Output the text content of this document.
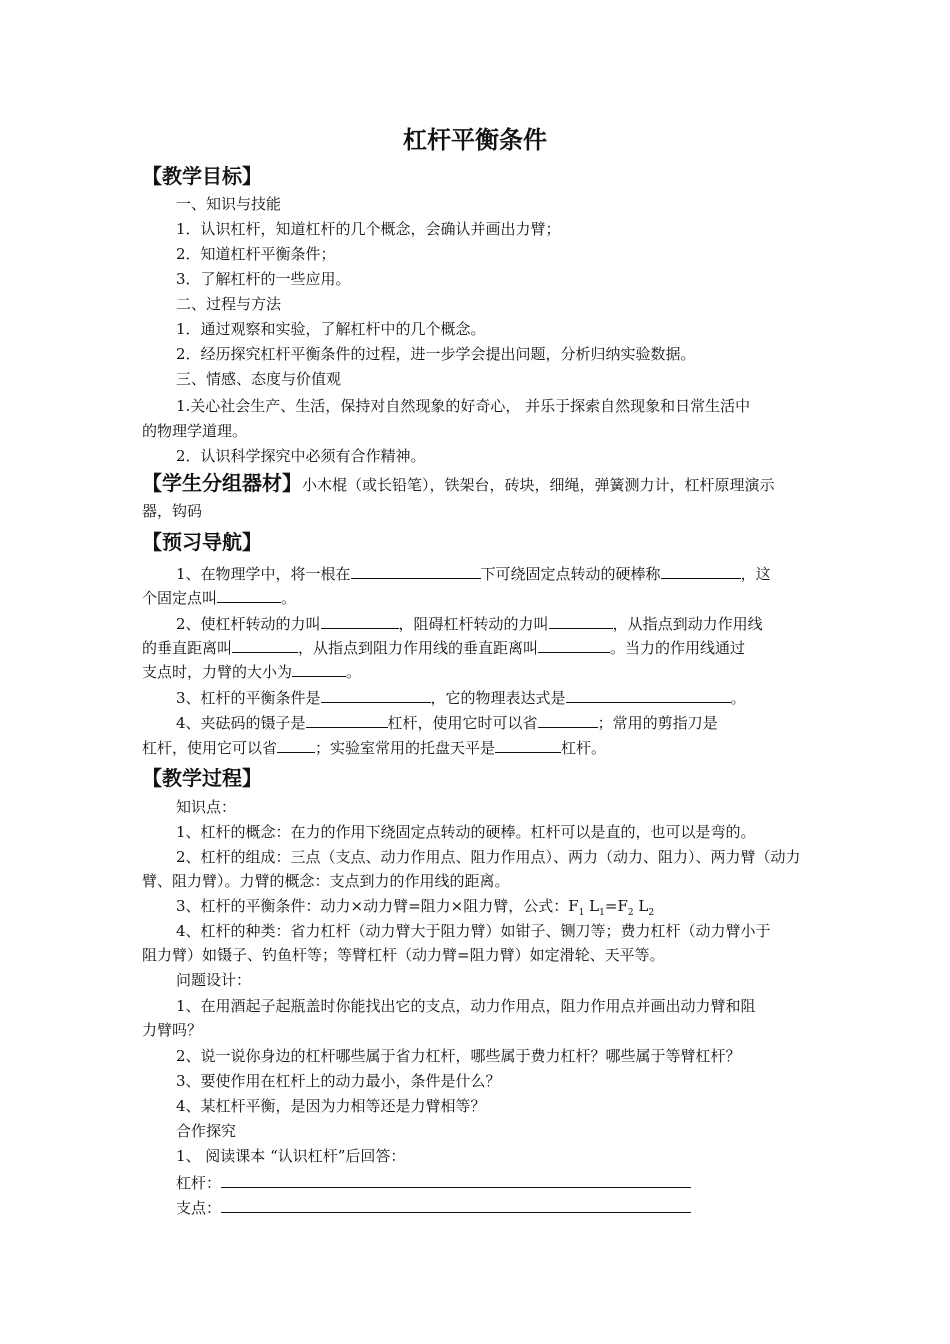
杠杆平衡条件
【教学目标】
一、知识与技能
1．认识杠杆，知道杠杆的几个概念，会确认并画出力臂；
2．知道杠杆平衡条件；
3．了解杠杆的一些应用。
二、过程与方法
1．通过观察和实验，了解杠杆中的几个概念。
2．经历探究杠杆平衡条件的过程，进一步学会提出问题，分析归纳实验数据。
三、情感、态度与价值观
1.关心社会生产、生活，保持对自然现象的好奇心， 并乐于探索自然现象和日常生活中
的物理学道理。
2．认识科学探究中必须有合作精神。
【学生分组器材】小木棍（或长铅笔），铁架台，砖块，细绳，弹簧测力计，杠杆原理演示
器，钩码
【预习导航】
1、在物理学中，将一根在	下可绕固定点转动的硬棒称	，这
个固定点叫	。
2、使杠杆转动的力叫	，阻碍杠杆转动的力叫	，从指点到动力作用线
的垂直距离叫	，从指点到阻力作用线的垂直距离叫	。当力的作用线通过
支点时，力臂的大小为	。
3、杠杆的平衡条件是	，它的物理表达式是	。
4、夹砝码的镊子是	杠杆，使用它时可以省	；常用的剪指刀是
杠杆，使用它可以省	；实验室常用的托盘天平是	杠杆。
【教学过程】
知识点：
1、杠杆的概念：在力的作用下绕固定点转动的硬棒。杠杆可以是直的，也可以是弯的。
2、杠杆的组成：三点（支点、动力作用点、阻力作用点）、两力（动力、阻力）、两力臂（动力
臂、阻力臂）。力臂的概念：支点到力的作用线的距离。
3、杠杆的平衡条件：动力×动力臂=阻力×阻力臂，公式：$F_1$ $L_1=F_2$ $L_2$
4、杠杆的种类：省力杠杆（动力臂大于阻力臂）如钳子、铡刀等；费力杠杆（动力臂小于
阻力臂）如镊子、钓鱼杆等；等臂杠杆（动力臂=阻力臂）如定滑轮、天平等。
问题设计：
1、在用酒起子起瓶盖时你能找出它的支点，动力作用点，阻力作用点并画出动力臂和阻
力臂吗？
2、说一说你身边的杠杆哪些属于省力杠杆，哪些属于费力杠杆？哪些属于等臂杠杆？
3、要使作用在杠杆上的动力最小，条件是什么？
4、某杠杆平衡，是因为力相等还是力臂相等？
合作探究
1、 阅读课本 “认识杠杆”后回答：
杠杆：
支点：
